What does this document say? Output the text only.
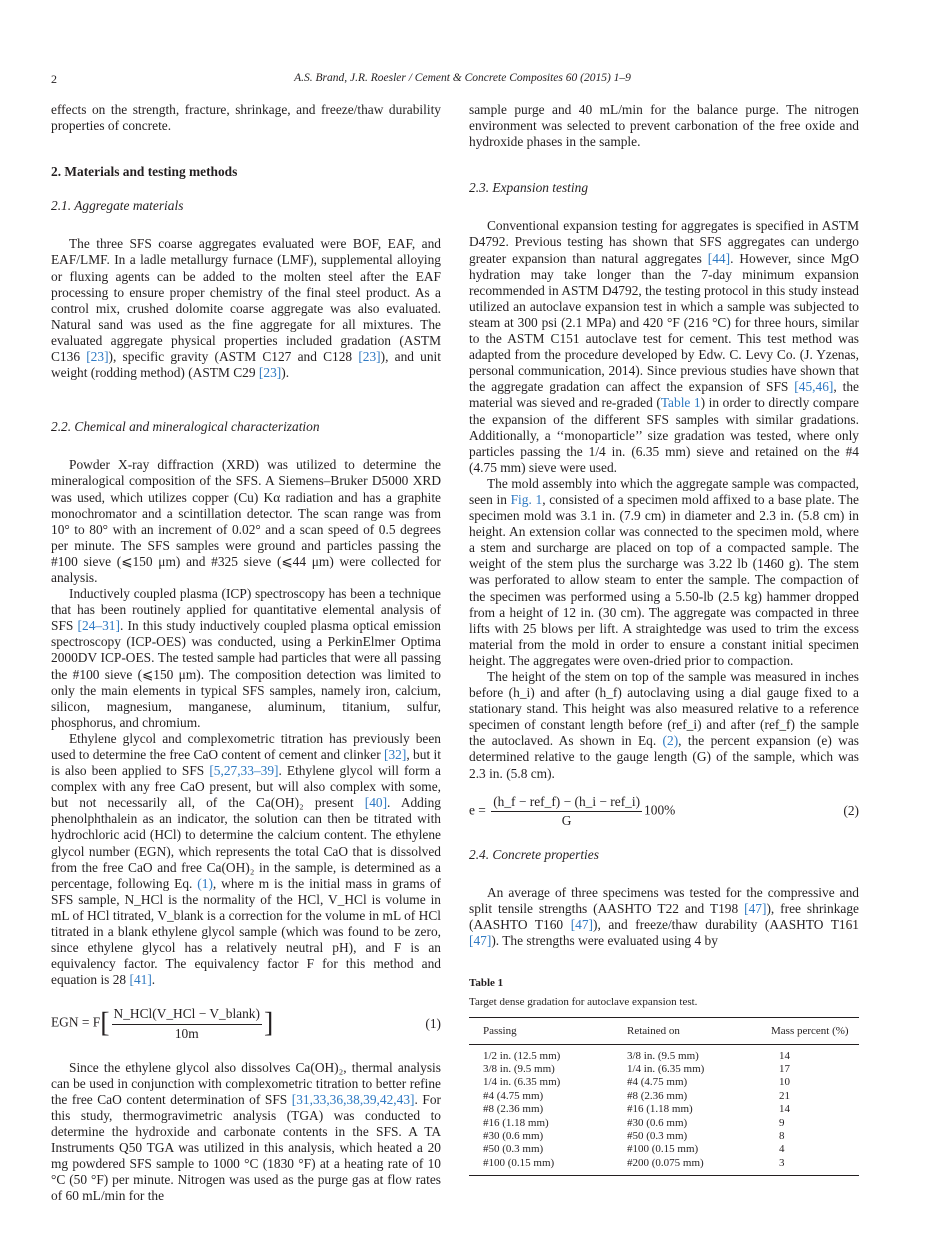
2	A.S. Brand, J.R. Roesler / Cement & Concrete Composites 60 (2015) 1–9

effects on the strength, fracture, shrinkage, and freeze/thaw durability properties of concrete.

2. Materials and testing methods
2.1. Aggregate materials

The three SFS coarse aggregates evaluated were BOF, EAF, and EAF/LMF. In a ladle metallurgy furnace (LMF), supplemental alloying or fluxing agents can be added to the molten steel after the EAF processing to ensure proper chemistry of the final steel product. As a control mix, crushed dolomite coarse aggregate was also evaluated. Natural sand was used as the fine aggregate for all mixtures. The evaluated aggregate physical properties included gradation (ASTM C136 [23]), specific gravity (ASTM C127 and C128 [23]), and unit weight (rodding method) (ASTM C29 [23]).

2.2. Chemical and mineralogical characterization

Powder X-ray diffraction (XRD) was utilized to determine the mineralogical composition of the SFS. A Siemens–Bruker D5000 XRD was used, which utilizes copper (Cu) Kα radiation and has a graphite monochromator and a scintillation detector. The scan range was from 10° to 80° with an increment of 0.02° and a scan speed of 0.5 degrees per minute. The SFS samples were ground and particles passing the #100 sieve (⩽150 μm) and #325 sieve (⩽44 μm) were collected for analysis.

Inductively coupled plasma (ICP) spectroscopy has been a technique that has been routinely applied for quantitative elemental analysis of SFS [24–31]. In this study inductively coupled plasma optical emission spectroscopy (ICP-OES) was conducted, using a PerkinElmer Optima 2000DV ICP-OES. The tested sample had particles that were all passing the #100 sieve (⩽150 μm). The composition detection was limited to only the main elements in typical SFS samples, namely iron, calcium, silicon, magnesium, manganese, aluminum, titanium, sulfur, phosphorus, and chromium.

Ethylene glycol and complexometric titration has previously been used to determine the free CaO content of cement and clinker [32], but it is also been applied to SFS [5,27,33–39]. Ethylene glycol will form a complex with any free CaO present, but will also complex with some, but not necessarily all, of the Ca(OH)₂ present [40]. Adding phenolphthalein as an indicator, the solution can then be titrated with hydrochloric acid (HCl) to determine the calcium content. The ethylene glycol number (EGN), which represents the total CaO that is dissolved from the free CaO and free Ca(OH)₂ in the sample, is determined as a percentage, following Eq. (1), where m is the initial mass in grams of SFS sample, N_HCl is the normality of the HCl, V_HCl is volume in mL of HCl titrated, V_blank is a correction for the volume in mL of HCl titrated in a blank ethylene glycol sample (which was found to be zero, since ethylene glycol has a relatively neutral pH), and F is an equivalency factor. The equivalency factor F for this method and equation is 28 [41].

EGN = $F[ \frac{\text{N\_HCl(V\_HCl − V\_blank)}}{10m}$ ]	(1)

Since the ethylene glycol also dissolves Ca(OH)₂, thermal analysis can be used in conjunction with complexometric titration to better refine the free CaO content determination of SFS [31,33,36,38,39,42,43]. For this study, thermogravimetric analysis (TGA) was conducted to determine the hydroxide and carbonate contents in the SFS. A TA Instruments Q50 TGA was utilized in this analysis, which heated a 20 mg powdered SFS sample to 1000 °C (1830 °F) at a heating rate of 10 °C (50 °F) per minute. Nitrogen was used as the purge gas at flow rates of 60 mL/min for the

sample purge and 40 mL/min for the balance purge. The nitrogen environment was selected to prevent carbonation of the free oxide and hydroxide phases in the sample.

2.3. Expansion testing

Conventional expansion testing for aggregates is specified in ASTM D4792. Previous testing has shown that SFS aggregates can undergo greater expansion than natural aggregates [44]. However, since MgO hydration may take longer than the 7-day minimum expansion recommended in ASTM D4792, the testing protocol in this study instead utilized an autoclave expansion test in which a sample was subjected to steam at 300 psi (2.1 MPa) and 420 °F (216 °C) for three hours, similar to the ASTM C151 autoclave test for cement. This test method was adapted from the procedure developed by Edw. C. Levy Co. (J. Yzenas, personal communication, 2014). Since previous studies have shown that the aggregate gradation can affect the expansion of SFS [45,46], the material was sieved and re-graded (Table 1) in order to directly compare the expansion of the different SFS samples with similar gradations. Additionally, a ‘‘monoparticle’’ size gradation was tested, where only particles passing the 1/4 in. (6.35 mm) sieve and retained on the #4 (4.75 mm) sieve were used.

The mold assembly into which the aggregate sample was compacted, seen in Fig. 1, consisted of a specimen mold affixed to a base plate. The specimen mold was 3.1 in. (7.9 cm) in diameter and 2.3 in. (5.8 cm) in height. An extension collar was connected to the specimen mold, where a stem and surcharge are placed on top of a compacted sample. The weight of the stem plus the surcharge was 3.22 lb (1460 g). The stem was perforated to allow steam to enter the sample. The compaction of the specimen was performed using a 5.50-lb (2.5 kg) hammer dropped from a height of 12 in. (30 cm). The aggregate was compacted in three lifts with 25 blows per lift. A straightedge was used to trim the excess material from the mold in order to ensure a constant initial specimen height. The aggregates were oven-dried prior to compaction.

The height of the stem on top of the sample was measured in inches before (h_i) and after (h_f) autoclaving using a dial gauge fixed to a stationary stand. This height was also measured relative to a reference specimen of constant length before (ref_i) and after (ref_f) the sample the autoclaved. As shown in Eq. (2), the percent expansion (e) was determined relative to the gauge length (G) of the sample, which was 2.3 in. (5.8 cm).

$e = \frac{\text{(h\_f − ref\_f) − (h\_i − ref\_i)}}{G} 100\%$	(2)
2.4. Concrete properties

An average of three specimens was tested for the compressive and split tensile strengths (AASHTO T22 and T198 [47]), free shrinkage (AASHTO T160 [47]), and freeze/thaw durability (AASHTO T161 [47]). The strengths were evaluated using 4 by

Table 1
Target dense gradation for autoclave expansion test.
Passing	Retained on	Mass percent (%)
1/2 in. (12.5 mm)	3/8 in. (9.5 mm)	14
3/8 in. (9.5 mm)	1/4 in. (6.35 mm)	17
1/4 in. (6.35 mm)	#4 (4.75 mm)	10
#4 (4.75 mm)	#8 (2.36 mm)	21
#8 (2.36 mm)	#16 (1.18 mm)	14
#16 (1.18 mm)	#30 (0.6 mm)	9
#30 (0.6 mm)	#50 (0.3 mm)	8
#50 (0.3 mm)	#100 (0.15 mm)	4
#100 (0.15 mm)	#200 (0.075 mm)	3
